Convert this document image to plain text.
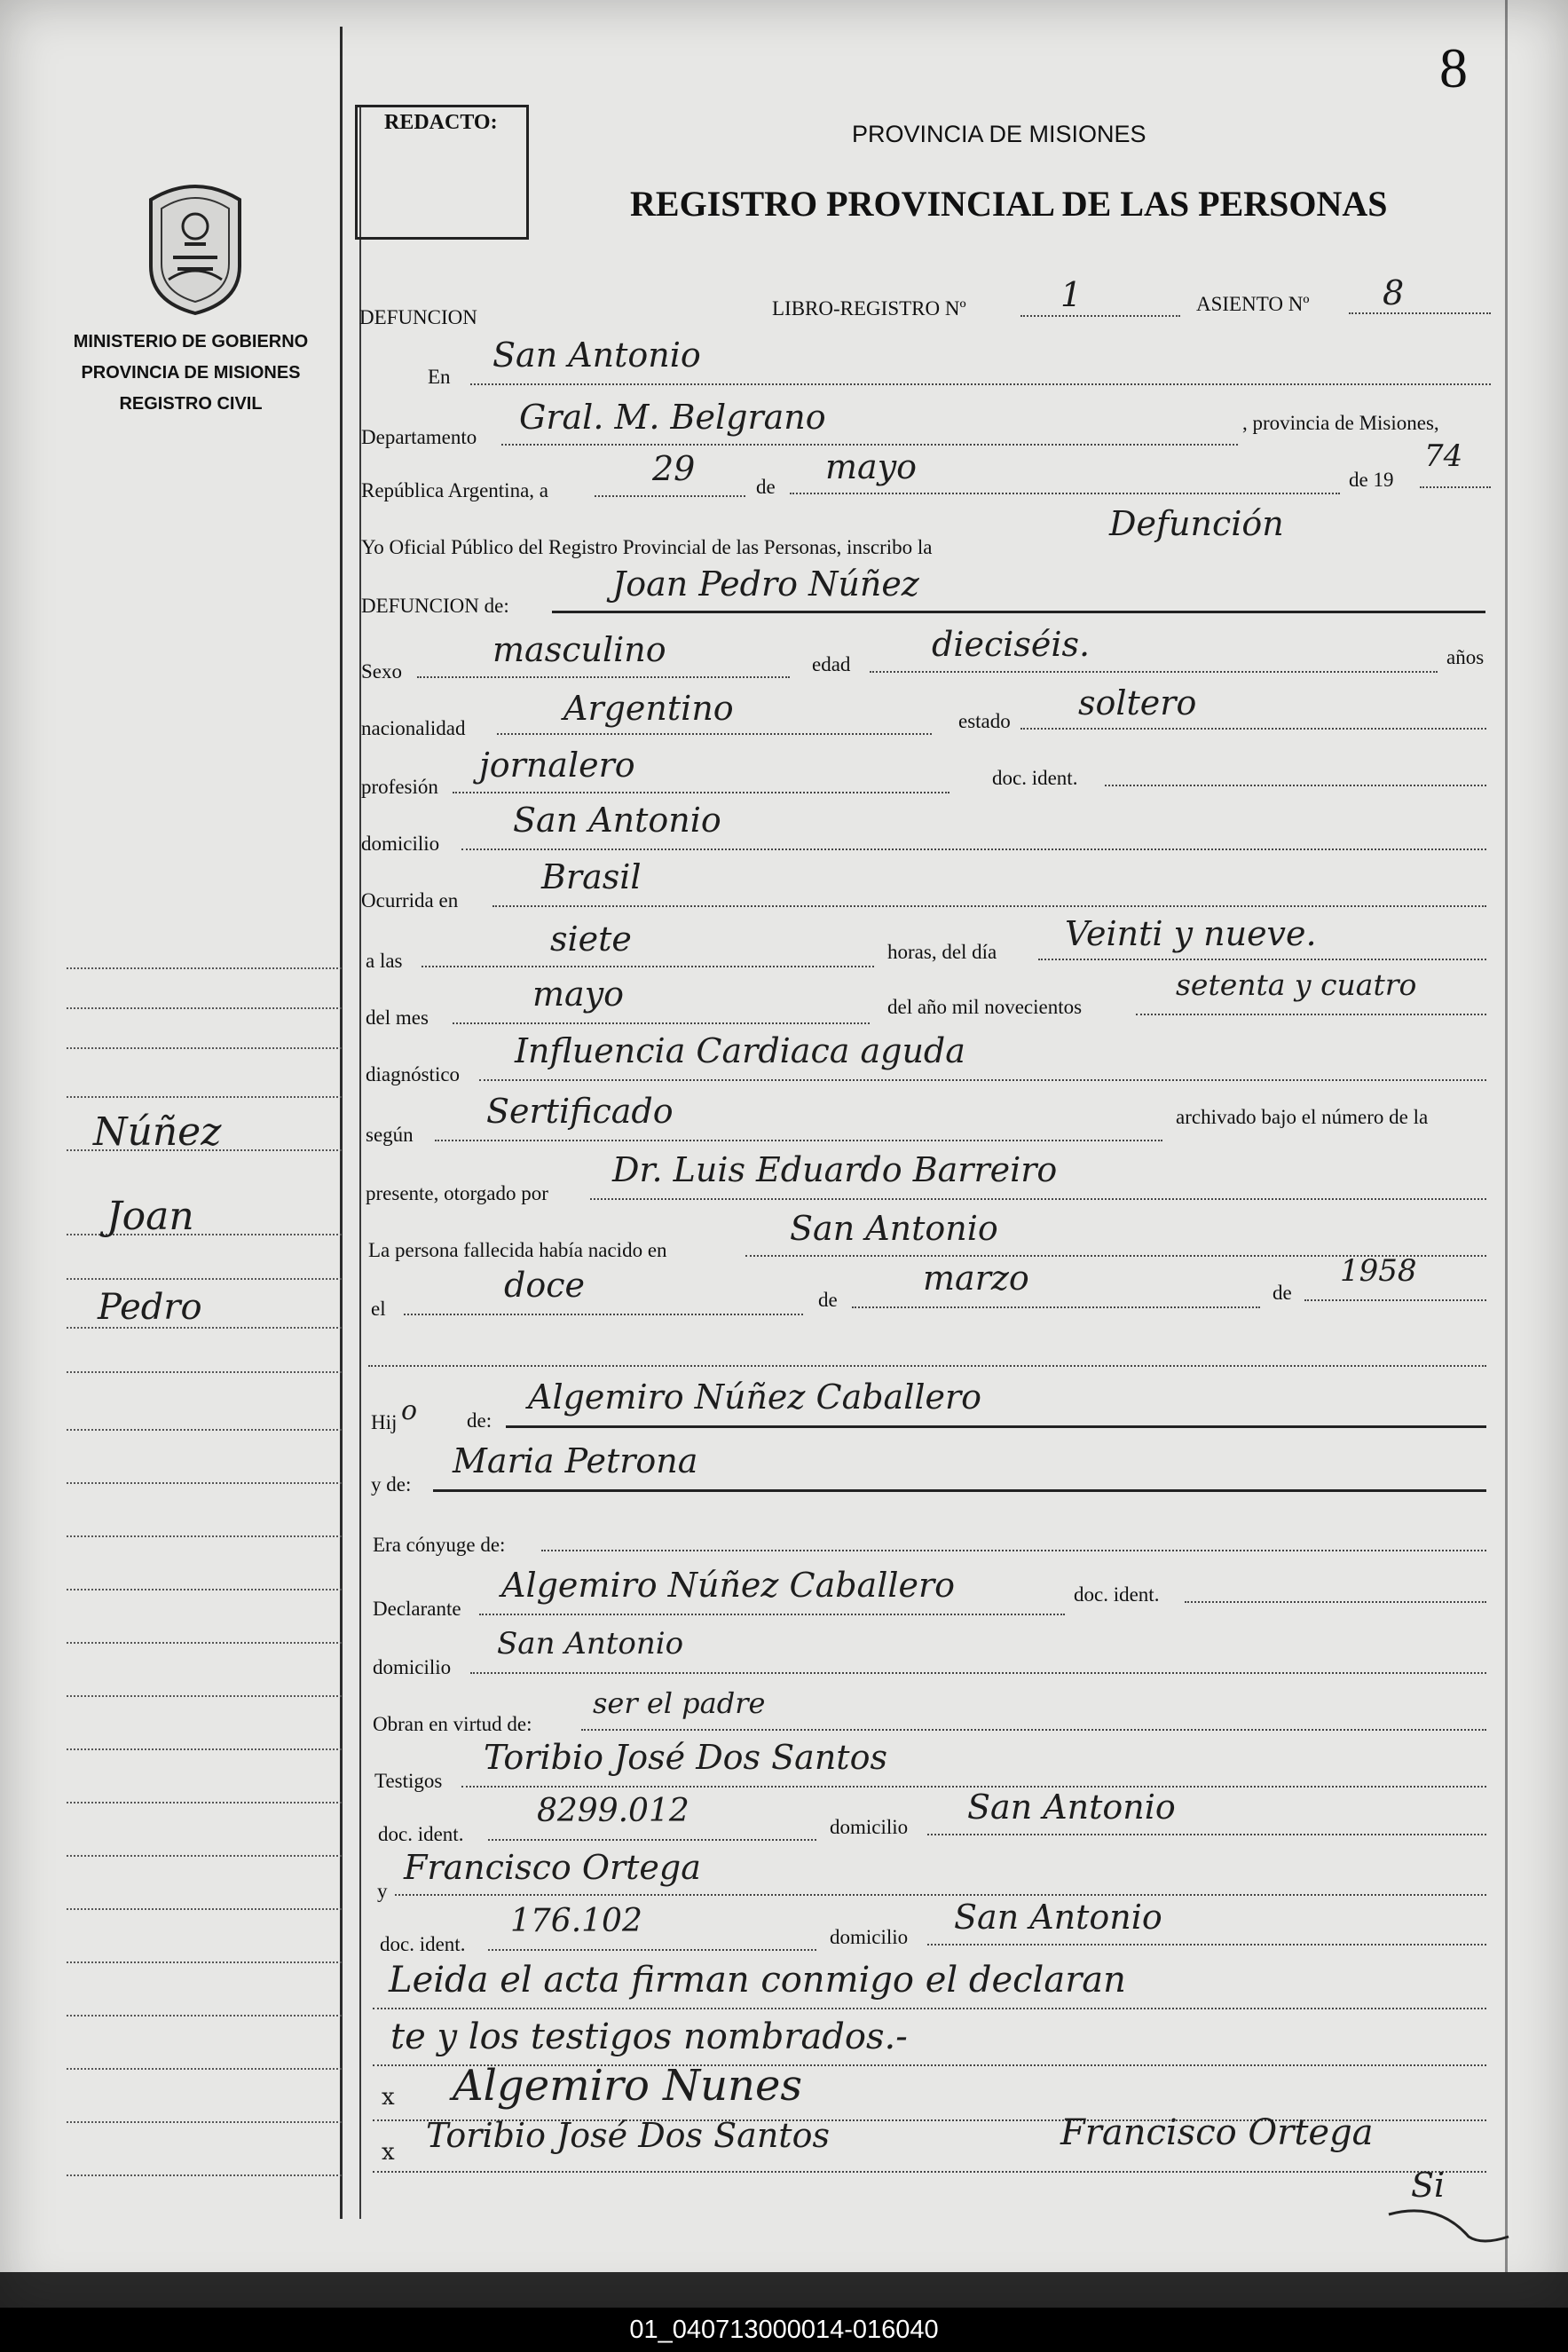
8
REDACTO:
MINISTERIO DE GOBIERNO
PROVINCIA DE MISIONES
REGISTRO CIVIL
PROVINCIA DE MISIONES
REGISTRO PROVINCIAL DE LAS PERSONAS
DEFUNCION	LIBRO-REGISTRO Nº	1	ASIENTO Nº 8
En
San Antonio
Departamento
Gral. M. Belgrano	, provincia de Misiones,
República Argentina, a
29	de
mayo	de 19
74
Yo Oficial Público del Registro Provincial de las Personas, inscribo la
Defunción
DEFUNCION de:
Joan Pedro Núñez
Sexo
masculino	edad
dieciséis.	años
nacionalidad
Argentino	estado soltero
profesión
jornalero	doc. ident.
domicilio
San Antonio
Ocurrida en
Brasil
a las
siete	horas, del día Veinti y nueve.
del mes
mayo	del año mil novecientos
setenta y cuatro
diagnóstico
Influencia Cardiaca aguda
según
Sertificado	archivado bajo el número de la
presente, otorgado por
Dr. Luis Eduardo Barreiro
La persona fallecida había nacido en
San Antonio
el
doce	de
marzo	de
1958
Hij o de:
Algemiro Núñez Caballero
y de:
Maria Petrona
Era cónyuge de:
Declarante
Algemiro Núñez Caballero	doc. ident.
domicilio
San Antonio
Obran en virtud de:
ser el padre
Testigos
Toribio José Dos Santos
doc. ident.
8299.012	domicilio
San Antonio
y
Francisco Ortega
doc. ident.
176.102	domicilio
San Antonio
Leida el acta firman conmigo el declaran
te y los testigos nombrados.-
x Algemiro Nunes
x Toribio José Dos Santos	Francisco Ortega
Si
Núñez
Joan
Pedro
01_040713000014-016040
